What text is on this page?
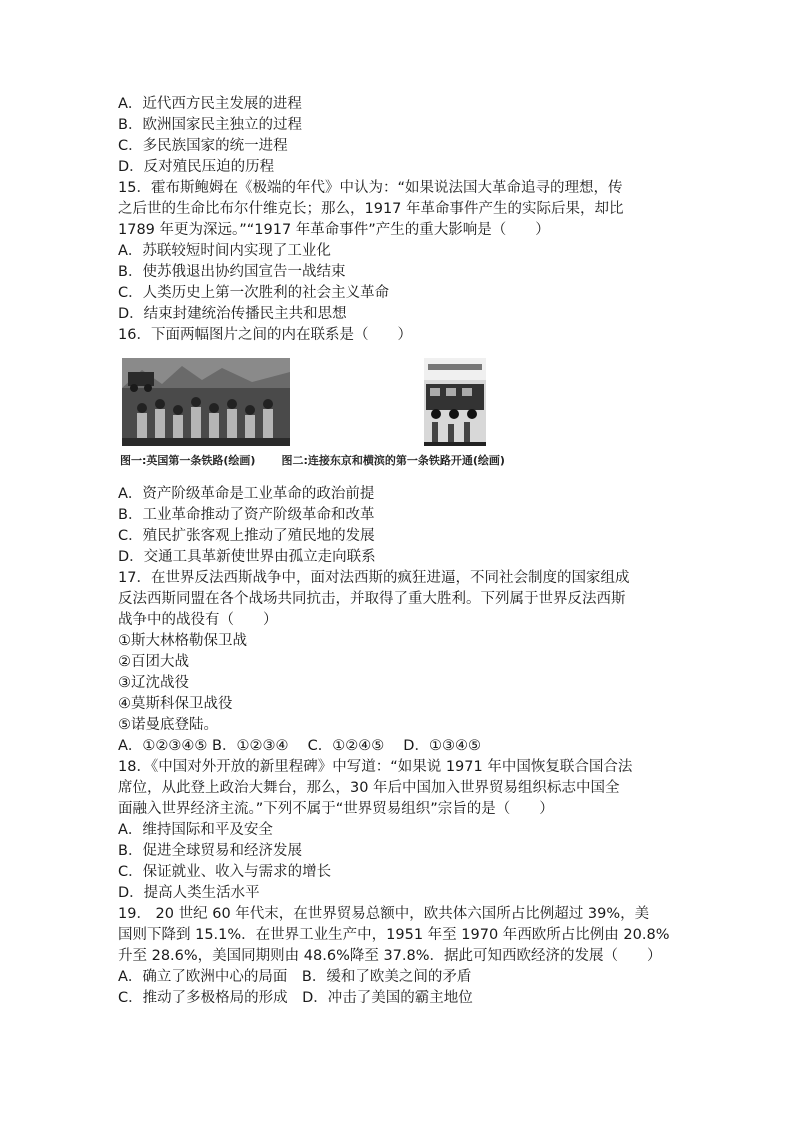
A．近代西方民主发展的进程
B．欧洲国家民主独立的过程
C．多民族国家的统一进程
D．反对殖民压迫的历程
15．霍布斯鲍姆在《极端的年代》中认为：“如果说法国大革命追寻的理想，传
之后世的生命比布尔什维克长；那么，1917 年革命事件产生的实际后果，却比
1789 年更为深远。”“1917 年革命事件”产生的重大影响是（　　）
A．苏联较短时间内实现了工业化
B．使苏俄退出协约国宣告一战结束
C．人类历史上第一次胜利的社会主义革命
D．结束封建统治传播民主共和思想
16．下面两幅图片之间的内在联系是（　　）
图一:英国第一条铁路(绘画) 图二:连接东京和横滨的第一条铁路开通(绘画)
A．资产阶级革命是工业革命的政治前提
B．工业革命推动了资产阶级革命和改革
C．殖民扩张客观上推动了殖民地的发展
D．交通工具革新使世界由孤立走向联系
17．在世界反法西斯战争中，面对法西斯的疯狂进逼，不同社会制度的国家组成
反法西斯同盟在各个战场共同抗击，并取得了重大胜利。下列属于世界反法西斯
战争中的战役有（　　）
①斯大林格勒保卫战
②百团大战
③辽沈战役
④莫斯科保卫战役
⑤诺曼底登陆。
A．①②③④⑤ B．①②③④　 C．①②④⑤　 D．①③④⑤
18．《中国对外开放的新里程碑》中写道：“如果说 1971 年中国恢复联合国合法
席位，从此登上政治大舞台，那么，30 年后中国加入世界贸易组织标志中国全
面融入世界经济主流。”下列不属于“世界贸易组织”宗旨的是（　　）
A．维持国际和平及安全
B．促进全球贸易和经济发展
C．保证就业、收入与需求的增长
D．提高人类生活水平
19． 20 世纪 60 年代末，在世界贸易总额中，欧共体六国所占比例超过 39%，美
国则下降到 15.1%．在世界工业生产中，1951 年至 1970 年西欧所占比例由 20.8%
升至 28.6%，美国同期则由 48.6%降至 37.8%．据此可知西欧经济的发展（　　）
A．确立了欧洲中心的局面　B．缓和了欧美之间的矛盾
C．推动了多极格局的形成　D．冲击了美国的霸主地位
